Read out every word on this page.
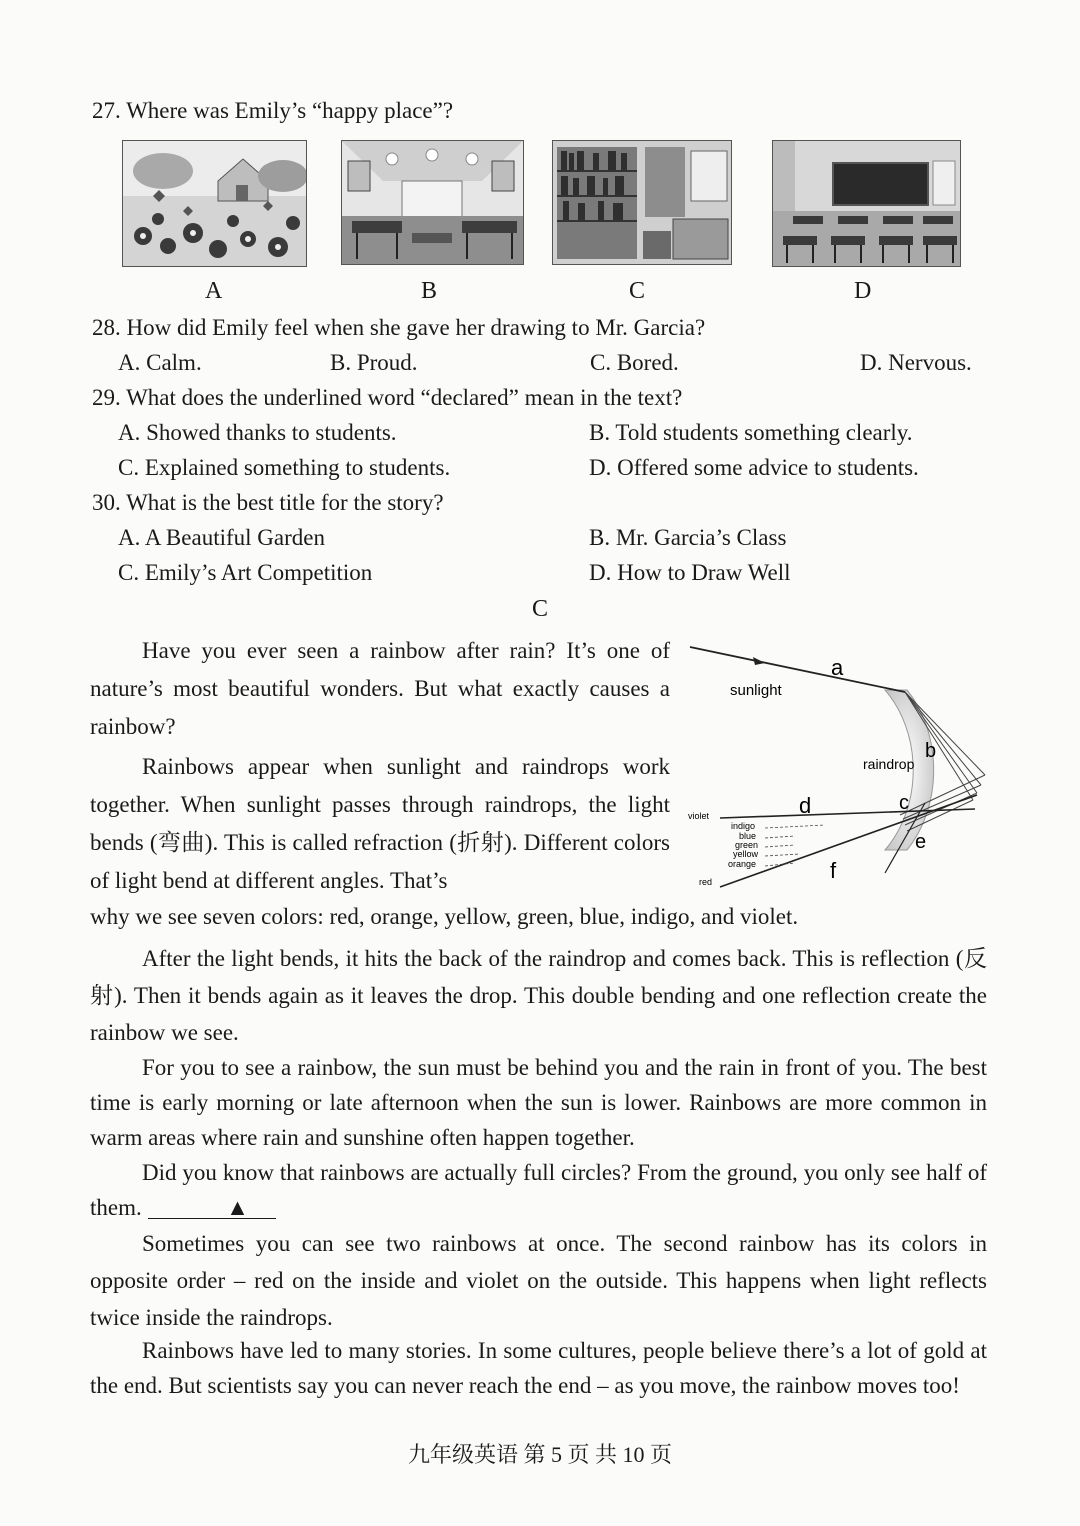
27. Where was Emily’s “happy place”?
A	B	C	D
28. How did Emily feel when she gave her drawing to Mr. Garcia?
A. Calm.	B. Proud.	C. Bored.	D. Nervous.
29. What does the underlined word “declared” mean in the text?
A. Showed thanks to students.	B. Told students something clearly.
C. Explained something to students.	D. Offered some advice to students.
30. What is the best title for the story?
A. A Beautiful Garden	B. Mr. Garcia’s Class
C. Emily’s Art Competition	D. How to Draw Well
C
Have you ever seen a rainbow after rain? It’s one of nature’s most beautiful wonders. But what exactly causes a rainbow?
Rainbows appear when sunlight and raindrops work together. When sunlight passes through raindrops, the light bends (弯曲). This is called refraction (折射). Different colors of light bend at different angles. That’s
why we see seven colors: red, orange, yellow, green, blue, indigo, and violet.
After the light bends, it hits the back of the raindrop and comes back. This is reflection (反射). Then it bends again as it leaves the drop. This double bending and one reflection create the rainbow we see.
For you to see a rainbow, the sun must be behind you and the rain in front of you. The best time is early morning or late afternoon when the sun is lower. Rainbows are more common in warm areas where rain and sunshine often happen together.
Did you know that rainbows are actually full circles? From the ground, you only see half of them.	▲
Sometimes you can see two rainbows at once. The second rainbow has its colors in opposite order – red on the inside and violet on the outside. This happens when light reflects twice inside the raindrops.
Rainbows have led to many stories. In some cultures, people believe there’s a lot of gold at the end. But scientists say you can never reach the end – as you move, the rainbow moves too!
sunlight
raindrop
a
b
c
d
e
f
violet
indigo
blue
green
yellow
orange
red
九年级英语 第 5 页 共 10 页
